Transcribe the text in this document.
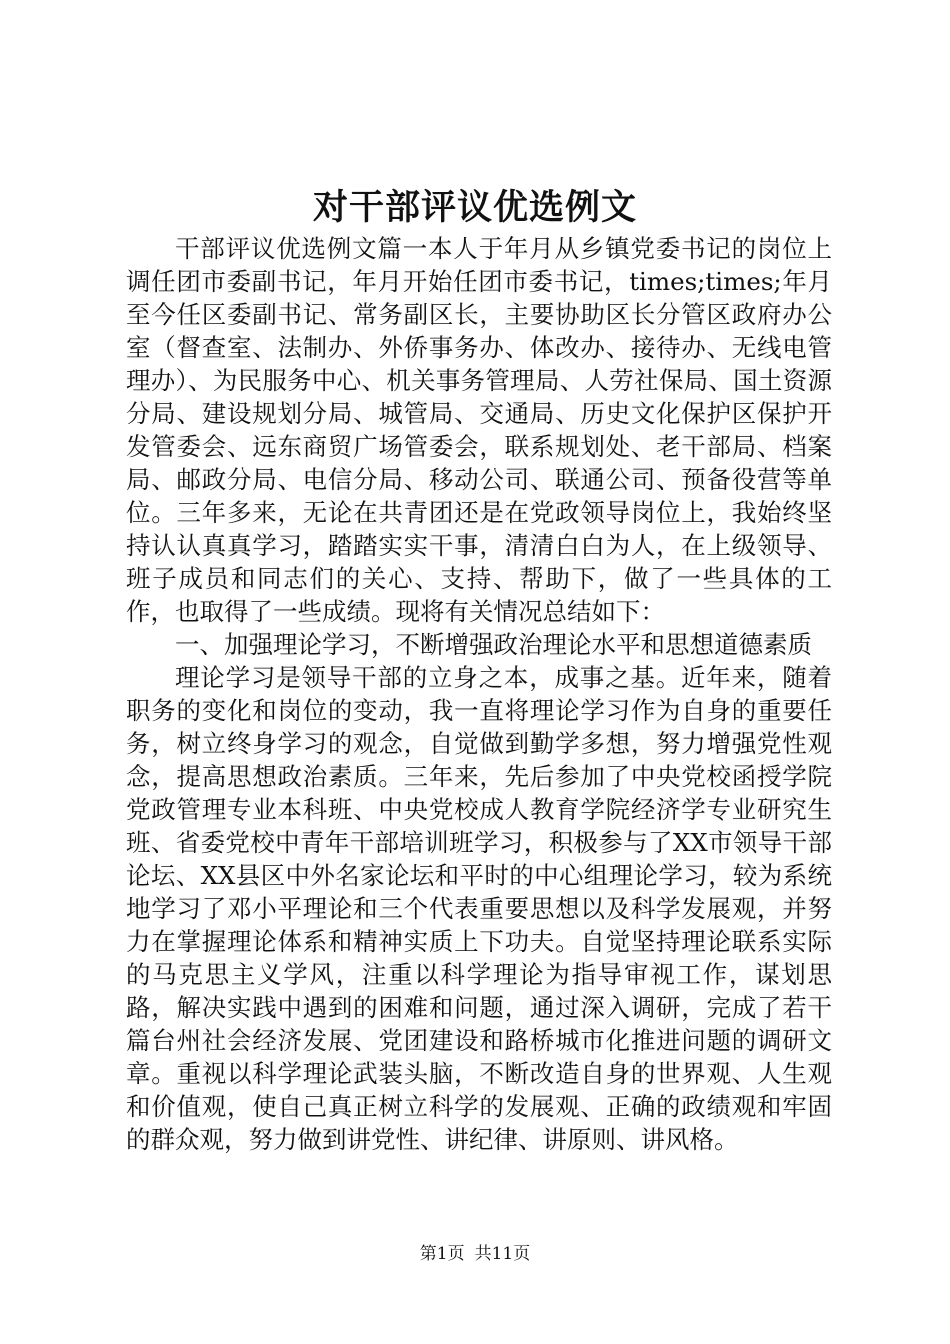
对干部评议优选例文

干部评议优选例文篇一本人于年月从乡镇党委书记的岗位上调任团市委副书记，年月开始任团市委书记，times;times;年月至今任区委副书记、常务副区长，主要协助区长分管区政府办公室（督查室、法制办、外侨事务办、体改办、接待办、无线电管理办）、为民服务中心、机关事务管理局、人劳社保局、国土资源分局、建设规划分局、城管局、交通局、历史文化保护区保护开发管委会、远东商贸广场管委会，联系规划处、老干部局、档案局、邮政分局、电信分局、移动公司、联通公司、预备役营等单位。三年多来，无论在共青团还是在党政领导岗位上，我始终坚持认认真真学习，踏踏实实干事，清清白白为人，在上级领导、班子成员和同志们的关心、支持、帮助下，做了一些具体的工作，也取得了一些成绩。现将有关情况总结如下：

一、加强理论学习，不断增强政治理论水平和思想道德素质

理论学习是领导干部的立身之本，成事之基。近年来，随着职务的变化和岗位的变动，我一直将理论学习作为自身的重要任务，树立终身学习的观念，自觉做到勤学多想，努力增强党性观念，提高思想政治素质。三年来，先后参加了中央党校函授学院党政管理专业本科班、中央党校成人教育学院经济学专业研究生班、省委党校中青年干部培训班学习，积极参与了XX市领导干部论坛、XX县区中外名家论坛和平时的中心组理论学习，较为系统地学习了邓小平理论和三个代表重要思想以及科学发展观，并努力在掌握理论体系和精神实质上下功夫。自觉坚持理论联系实际的马克思主义学风，注重以科学理论为指导审视工作，谋划思路，解决实践中遇到的困难和问题，通过深入调研，完成了若干篇台州社会经济发展、党团建设和路桥城市化推进问题的调研文章。重视以科学理论武装头脑，不断改造自身的世界观、人生观和价值观，使自己真正树立科学的发展观、正确的政绩观和牢固的群众观，努力做到讲党性、讲纪律、讲原则、讲风格。

第1页 共11页
